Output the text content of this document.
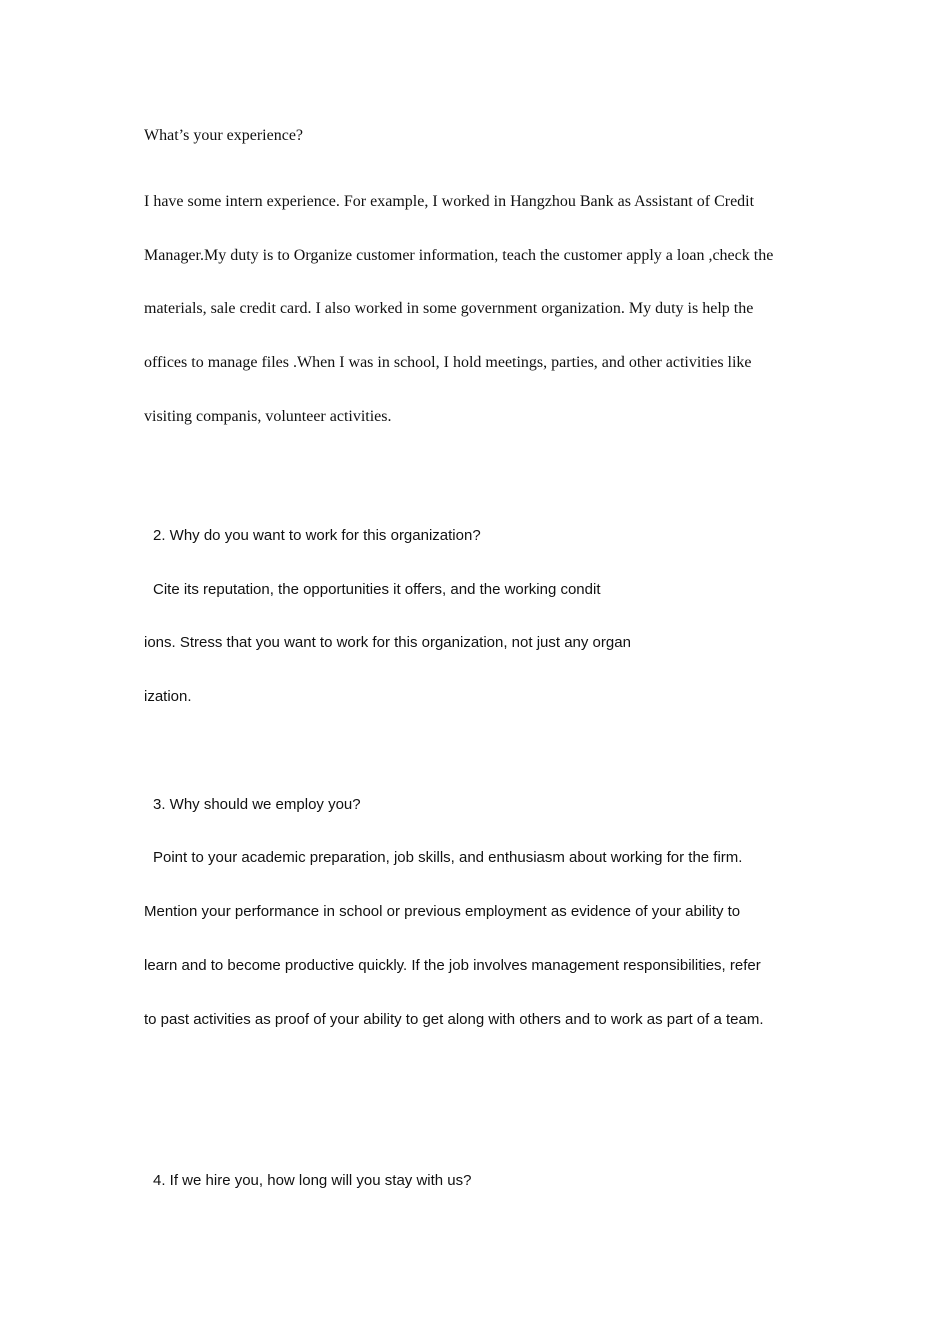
What’s your experience?

I have some intern experience. For example, I worked in Hangzhou Bank as Assistant of Credit

Manager.My duty is to Organize customer information, teach the customer apply a loan ,check the

materials, sale credit card. I also worked in some government organization. My duty is help the

offices to manage files .When I was in school, I hold meetings, parties, and other activities like

visiting companis, volunteer activities.

2. Why do you want to work for this organization?

Cite its reputation, the opportunities it offers, and the working condit

ions. Stress that you want to work for this organization, not just any organ

ization.

3. Why should we employ you?

Point to your academic preparation, job skills, and enthusiasm about working for the firm.

Mention your performance in school or previous employment as evidence of your ability to

learn and to become productive quickly. If the job involves management responsibilities, refer

to past activities as proof of your ability to get along with others and to work as part of a team.

4. If we hire you, how long will you stay with us?
